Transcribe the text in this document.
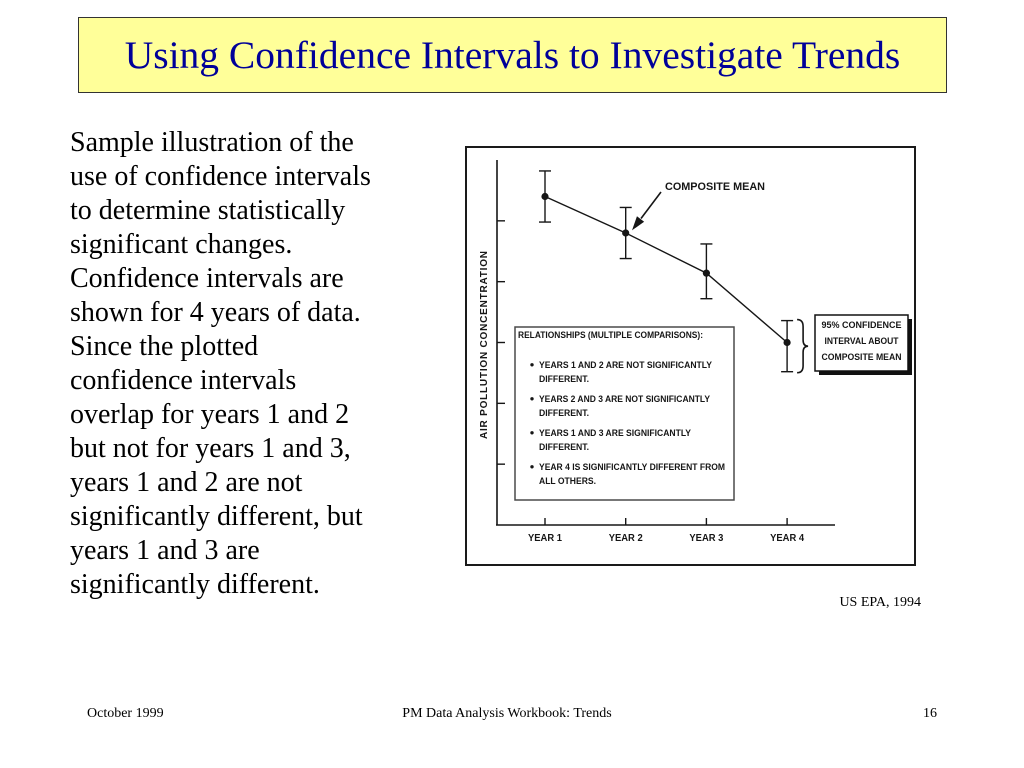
Using Confidence Intervals to Investigate Trends
Sample illustration of the
use of confidence intervals
to determine statistically
significant changes.
Confidence intervals are
shown for 4 years of data.
Since the plotted
confidence intervals
overlap for years 1 and 2
but not for years 1 and 3,
years 1 and 2 are not
significantly different, but
years 1 and 3 are
significantly different.
AIR POLLUTION CONCENTRATION
YEAR 1	YEAR 2	YEAR 3	YEAR 4
COMPOSITE MEAN
RELATIONSHIPS (MULTIPLE COMPARISONS):
YEARS 1 AND 2 ARE NOT SIGNIFICANTLY
DIFFERENT.
YEARS 2 AND 3 ARE NOT SIGNIFICANTLY
DIFFERENT.
YEARS 1 AND 3 ARE SIGNIFICANTLY
DIFFERENT.
YEAR 4 IS SIGNIFICANTLY DIFFERENT FROM
ALL OTHERS.
95% CONFIDENCE
INTERVAL ABOUT
COMPOSITE MEAN
US EPA, 1994
October 1999	PM Data Analysis Workbook: Trends	16
